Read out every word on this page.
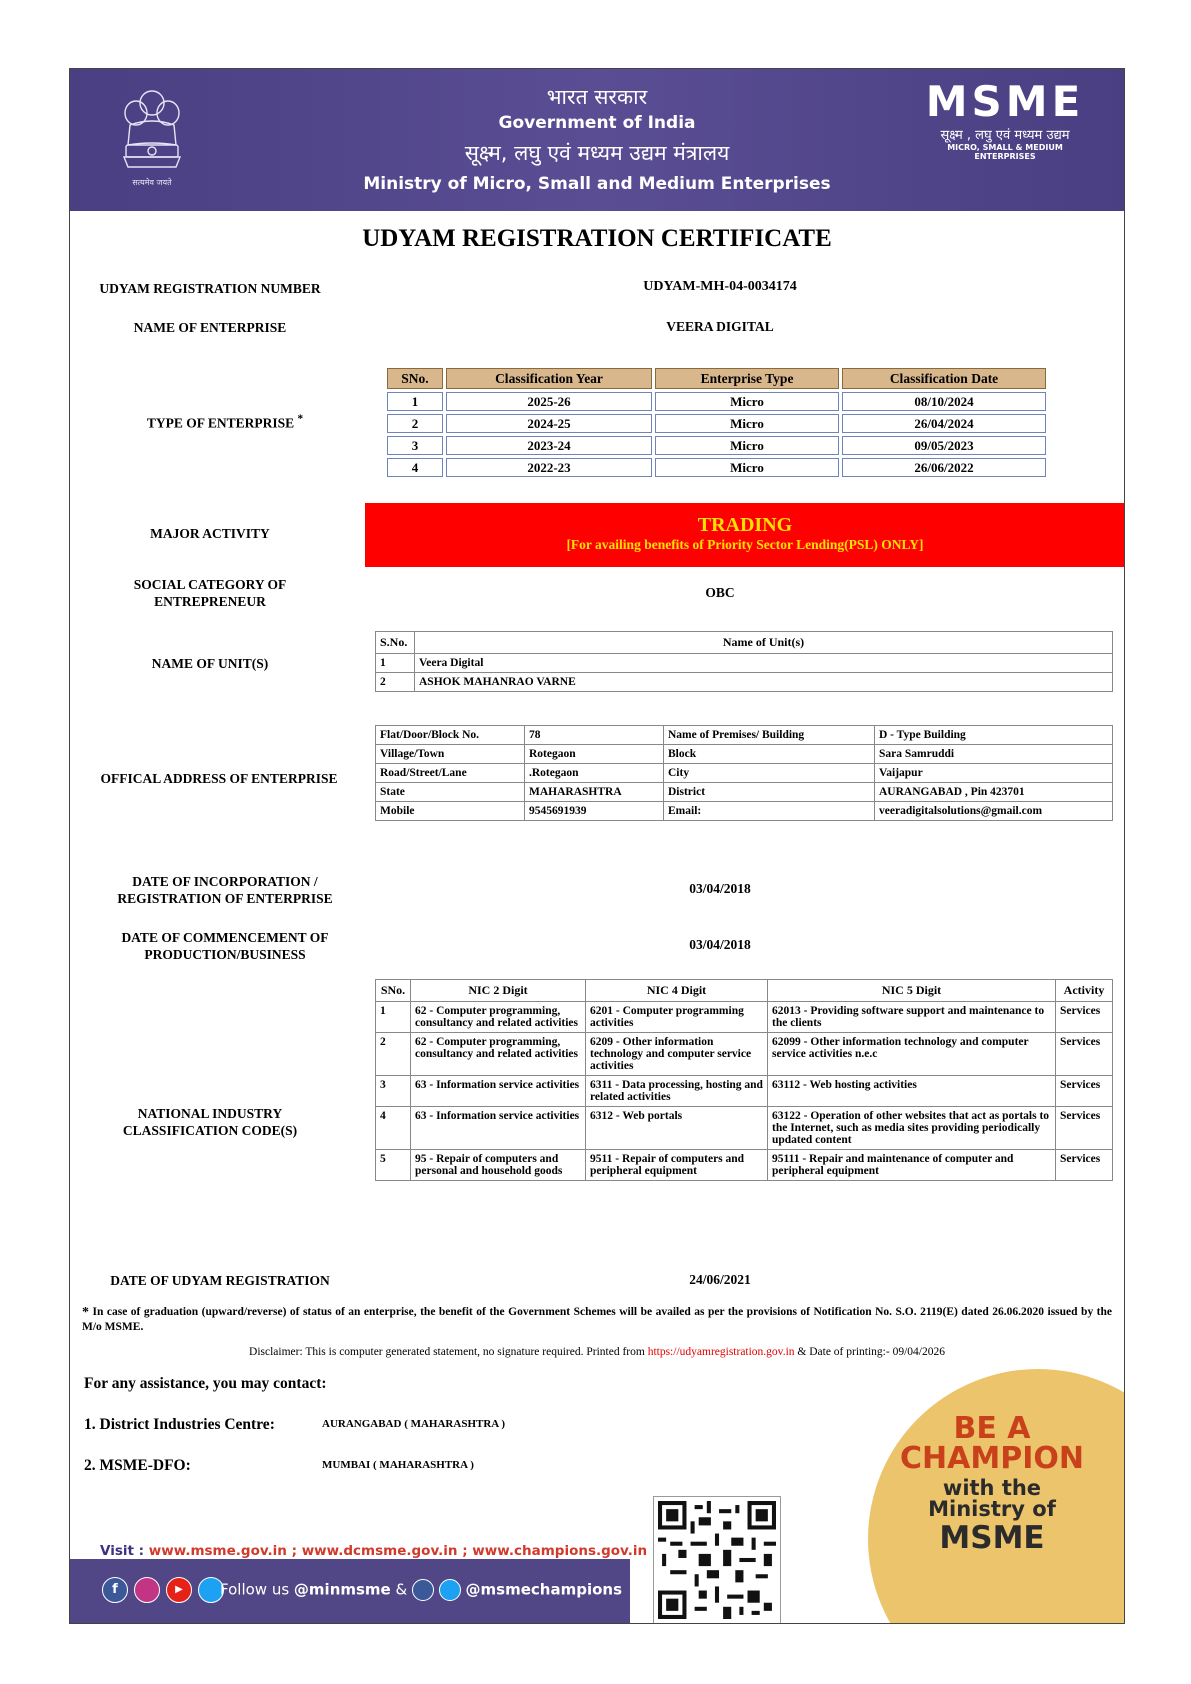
सत्यमेव जयते
भारत सरकार
Government of India
सूक्ष्म, लघु एवं मध्यम उद्यम मंत्रालय
Ministry of Micro, Small and Medium Enterprises
MSME
सूक्ष्म , लघु एवं मध्यम उद्यम
MICRO, SMALL & MEDIUM ENTERPRISES
UDYAM REGISTRATION CERTIFICATE
UDYAM REGISTRATION NUMBER	UDYAM-MH-04-0034174
NAME OF ENTERPRISE	VEERA DIGITAL
TYPE OF ENTERPRISE *
SNo.	Classification Year	Enterprise Type	Classification Date
1	2025-26	Micro	08/10/2024
2	2024-25	Micro	26/04/2024
3	2023-24	Micro	09/05/2023
4	2022-23	Micro	26/06/2022
MAJOR ACTIVITY	TRADING
[For availing benefits of Priority Sector Lending(PSL) ONLY]
SOCIAL CATEGORY OF
ENTREPRENEUR
OBC
NAME OF UNIT(S)
S.No.	Name of Unit(s)
1	Veera Digital
2	ASHOK MAHANRAO VARNE
OFFICAL ADDRESS OF ENTERPRISE
Flat/Door/Block No.	78	Name of Premises/ Building	D - Type Building
Village/Town	Rotegaon	Block	Sara Samruddi
Road/Street/Lane	.Rotegaon	City	Vaijapur
State	MAHARASHTRA	District	AURANGABAD , Pin 423701
Mobile	9545691939	Email:	veeradigitalsolutions@gmail.com
DATE OF INCORPORATION /
REGISTRATION OF ENTERPRISE
03/04/2018
DATE OF COMMENCEMENT OF
PRODUCTION/BUSINESS
03/04/2018
NATIONAL INDUSTRY
CLASSIFICATION CODE(S)
SNo.	NIC 2 Digit	NIC 4 Digit	NIC 5 Digit	Activity
1	62 - Computer programming, consultancy and related activities	6201 - Computer programming activities	62013 - Providing software support and maintenance to the clients	Services
2	62 - Computer programming, consultancy and related activities	6209 - Other information technology and computer service activities	62099 - Other information technology and computer service activities n.e.c	Services
3	63 - Information service activities	6311 - Data processing, hosting and related activities	63112 - Web hosting activities	Services
4	63 - Information service activities	6312 - Web portals	63122 - Operation of other websites that act as portals to the Internet, such as media sites providing periodically updated content	Services
5	95 - Repair of computers and personal and household goods	9511 - Repair of computers and peripheral equipment	95111 - Repair and maintenance of computer and peripheral equipment	Services
DATE OF UDYAM REGISTRATION	24/06/2021
* In case of graduation (upward/reverse) of status of an enterprise, the benefit of the Government Schemes will be availed as per the provisions of Notification No. S.O. 2119(E) dated 26.06.2020 issued by the M/o MSME.
Disclaimer: This is computer generated statement, no signature required. Printed from https://udyamregistration.gov.in & Date of printing:- 09/04/2026
For any assistance, you may contact:
1. District Industries Centre:	AURANGABAD ( MAHARASHTRA )
2. MSME-DFO:	MUMBAI ( MAHARASHTRA )
BE A
CHAMPION
with the
Ministry of
MSME
Visit : www.msme.gov.in ; www.dcmsme.gov.in ; www.champions.gov.in
f	▶	Follow us @minmsme &	@msmechampions
